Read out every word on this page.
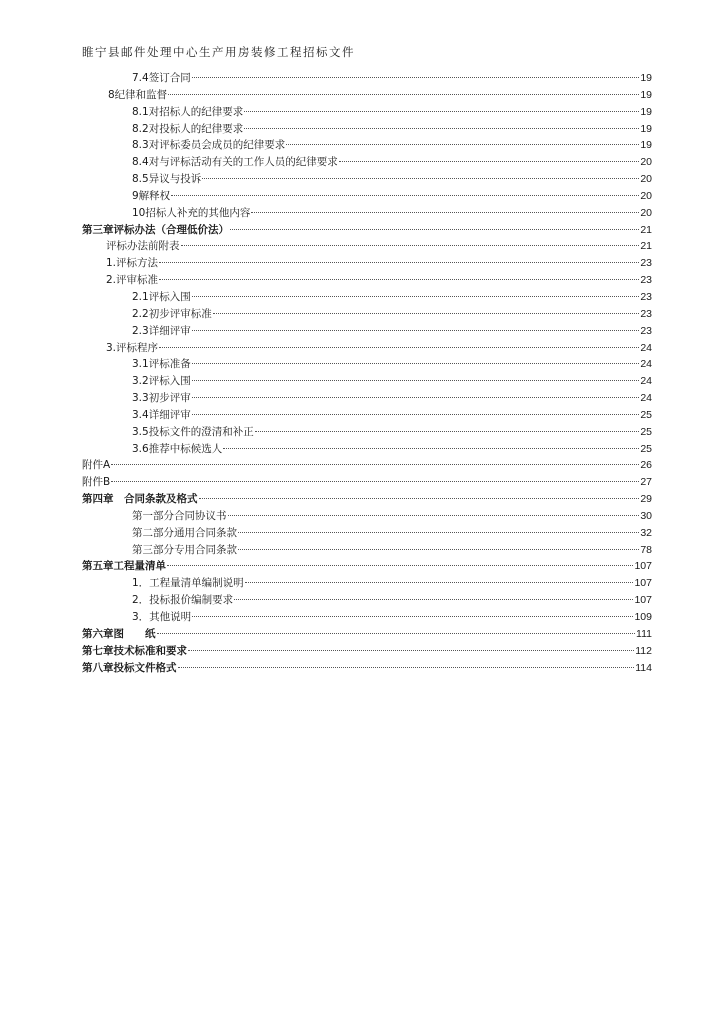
睢宁县邮件处理中心生产用房装修工程招标文件
7.4签订合同	19
8纪律和监督	19
8.1对招标人的纪律要求	19
8.2对投标人的纪律要求	19
8.3对评标委员会成员的纪律要求	19
8.4对与评标活动有关的工作人员的纪律要求	20
8.5异议与投诉	20
9解释权	20
10招标人补充的其他内容	20
第三章评标办法（合理低价法）	21
评标办法前附表	21
1.评标方法	23
2.评审标准	23
2.1评标入围	23
2.2初步评审标准	23
2.3详细评审	23
3.评标程序	24
3.1评标准备	24
3.2评标入围	24
3.3初步评审	24
3.4详细评审	25
3.5投标文件的澄清和补正	25
3.6推荐中标候选人	25
附件A	26
附件B	27
第四章　合同条款及格式	29
第一部分合同协议书	30
第二部分通用合同条款	32
第三部分专用合同条款	78
第五章工程量清单	107
1．工程量清单编制说明	107
2．投标报价编制要求	107
3．其他说明	109
第六章图　　纸	111
第七章技术标准和要求	112
第八章投标文件格式	114
